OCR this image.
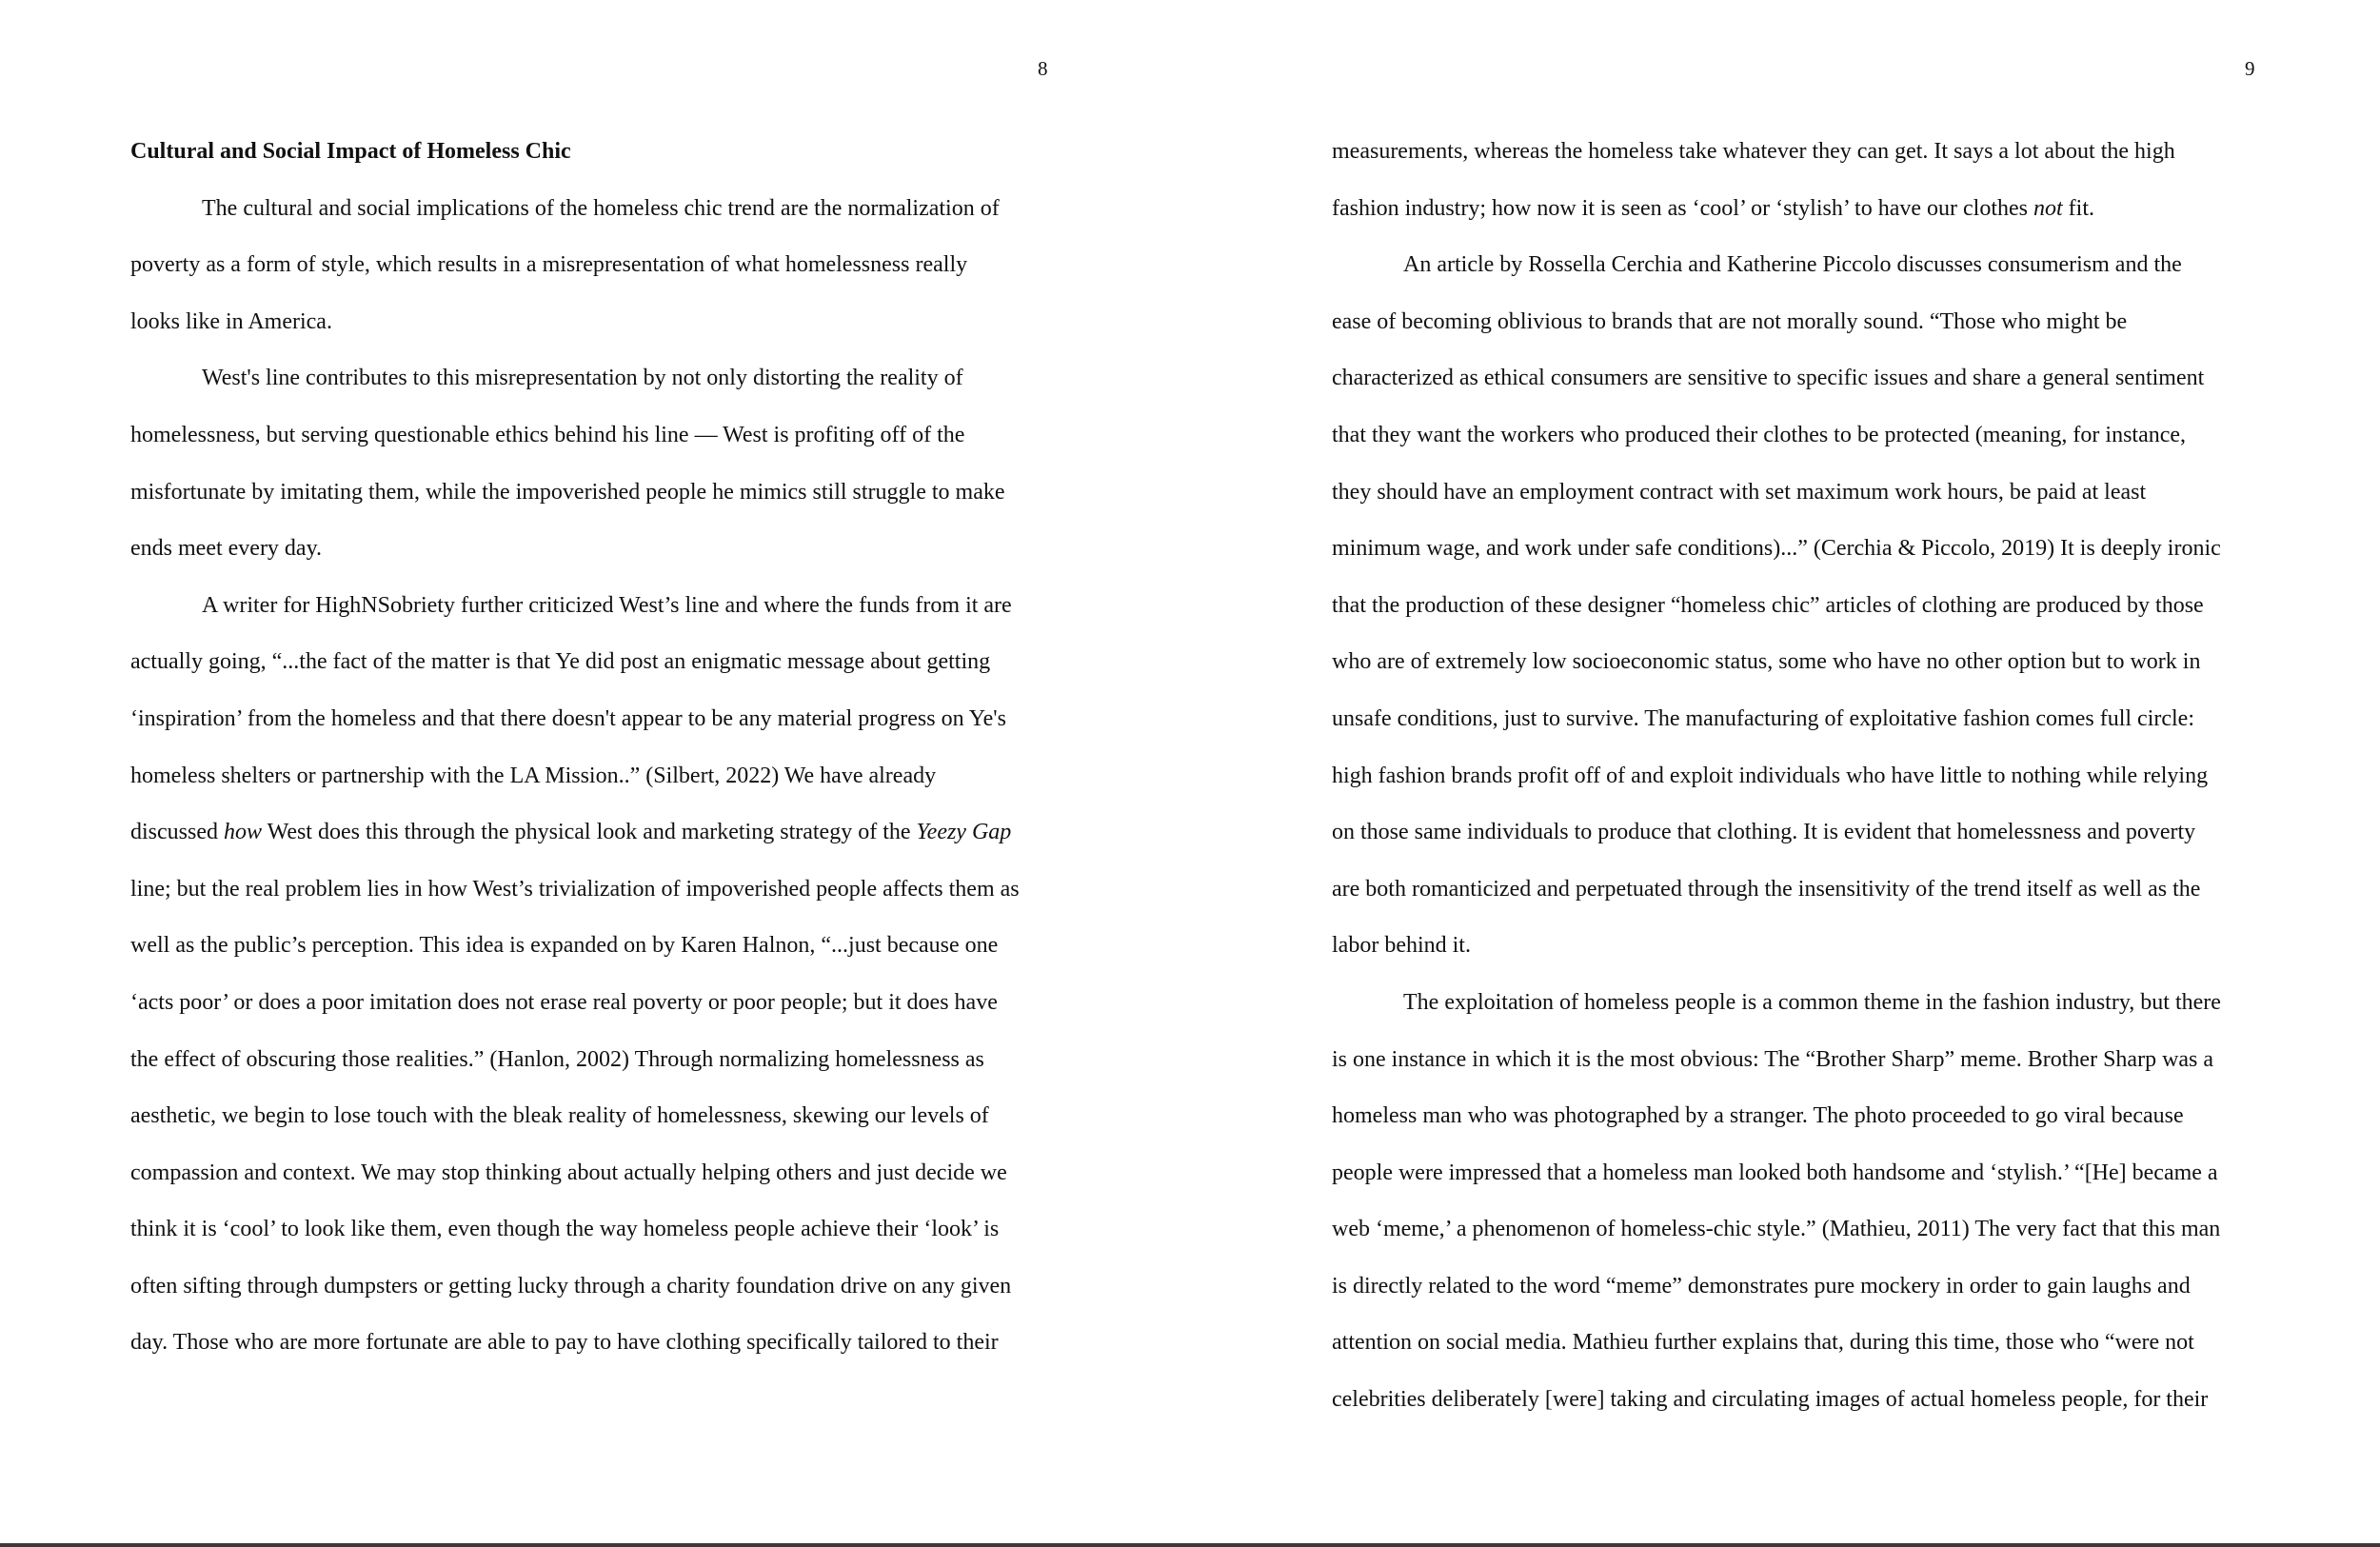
8
Cultural and Social Impact of Homeless Chic
The cultural and social implications of the homeless chic trend are the normalization of
poverty as a form of style, which results in a misrepresentation of what homelessness really
looks like in America.
West's line contributes to this misrepresentation by not only distorting the reality of
homelessness, but serving questionable ethics behind his line — West is profiting off of the
misfortunate by imitating them, while the impoverished people he mimics still struggle to make
ends meet every day.
A writer for HighNSobriety further criticized West’s line and where the funds from it are
actually going, “...the fact of the matter is that Ye did post an enigmatic message about getting
‘inspiration’ from the homeless and that there doesn't appear to be any material progress on Ye's
homeless shelters or partnership with the LA Mission..” (Silbert, 2022) We have already
discussed how West does this through the physical look and marketing strategy of the Yeezy Gap
line; but the real problem lies in how West’s trivialization of impoverished people affects them as
well as the public’s perception. This idea is expanded on by Karen Halnon, “...just because one
‘acts poor’ or does a poor imitation does not erase real poverty or poor people; but it does have
the effect of obscuring those realities.” (Hanlon, 2002) Through normalizing homelessness as
aesthetic, we begin to lose touch with the bleak reality of homelessness, skewing our levels of
compassion and context. We may stop thinking about actually helping others and just decide we
think it is ‘cool’ to look like them, even though the way homeless people achieve their ‘look’ is
often sifting through dumpsters or getting lucky through a charity foundation drive on any given
day. Those who are more fortunate are able to pay to have clothing specifically tailored to their
9
measurements, whereas the homeless take whatever they can get. It says a lot about the high
fashion industry; how now it is seen as ‘cool’ or ‘stylish’ to have our clothes not fit.
An article by Rossella Cerchia and Katherine Piccolo discusses consumerism and the
ease of becoming oblivious to brands that are not morally sound. “Those who might be
characterized as ethical consumers are sensitive to specific issues and share a general sentiment
that they want the workers who produced their clothes to be protected (meaning, for instance,
they should have an employment contract with set maximum work hours, be paid at least
minimum wage, and work under safe conditions)...” (Cerchia & Piccolo, 2019) It is deeply ironic
that the production of these designer “homeless chic” articles of clothing are produced by those
who are of extremely low socioeconomic status, some who have no other option but to work in
unsafe conditions, just to survive. The manufacturing of exploitative fashion comes full circle:
high fashion brands profit off of and exploit individuals who have little to nothing while relying
on those same individuals to produce that clothing. It is evident that homelessness and poverty
are both romanticized and perpetuated through the insensitivity of the trend itself as well as the
labor behind it.
The exploitation of homeless people is a common theme in the fashion industry, but there
is one instance in which it is the most obvious: The “Brother Sharp” meme. Brother Sharp was a
homeless man who was photographed by a stranger. The photo proceeded to go viral because
people were impressed that a homeless man looked both handsome and ‘stylish.’ “[He] became a
web ‘meme,’ a phenomenon of homeless-chic style.” (Mathieu, 2011) The very fact that this man
is directly related to the word “meme” demonstrates pure mockery in order to gain laughs and
attention on social media. Mathieu further explains that, during this time, those who “were not
celebrities deliberately [were] taking and circulating images of actual homeless people, for their
